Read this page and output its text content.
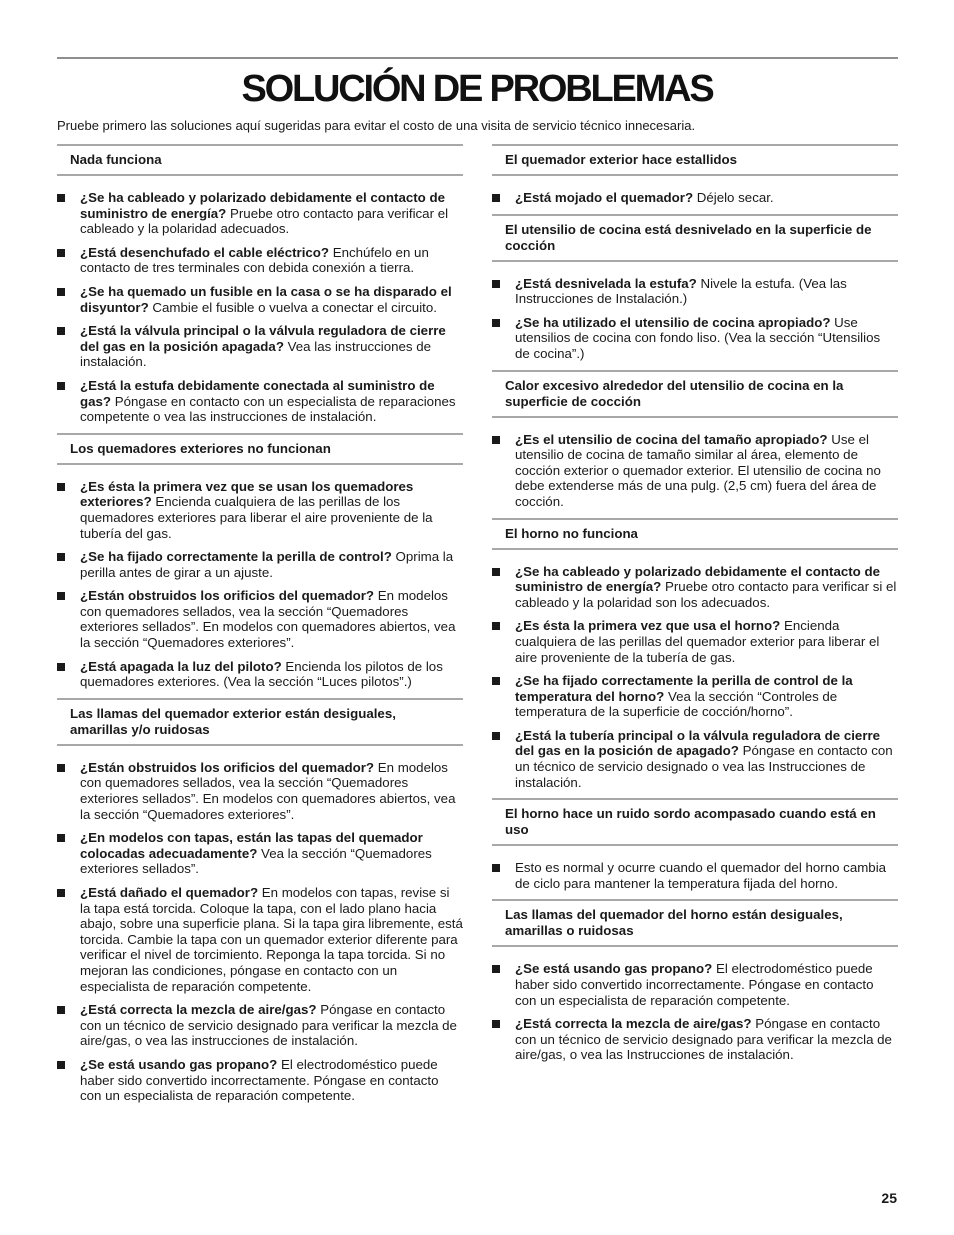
SOLUCIÓN DE PROBLEMAS

Pruebe primero las soluciones aquí sugeridas para evitar el costo de una visita de servicio técnico innecesaria.

Nada funciona
¿Se ha cableado y polarizado debidamente el contacto de suministro de energía? Pruebe otro contacto para verificar el cableado y la polaridad adecuados.
¿Está desenchufado el cable eléctrico? Enchúfelo en un contacto de tres terminales con debida conexión a tierra.
¿Se ha quemado un fusible en la casa o se ha disparado el disyuntor? Cambie el fusible o vuelva a conectar el circuito.
¿Está la válvula principal o la válvula reguladora de cierre del gas en la posición apagada? Vea las instrucciones de instalación.
¿Está la estufa debidamente conectada al suministro de gas? Póngase en contacto con un especialista de reparaciones competente o vea las instrucciones de instalación.
Los quemadores exteriores no funcionan
¿Es ésta la primera vez que se usan los quemadores exteriores? Encienda cualquiera de las perillas de los quemadores exteriores para liberar el aire proveniente de la tubería del gas.
¿Se ha fijado correctamente la perilla de control? Oprima la perilla antes de girar a un ajuste.
¿Están obstruidos los orificios del quemador? En modelos con quemadores sellados, vea la sección “Quemadores exteriores sellados”. En modelos con quemadores abiertos, vea la sección “Quemadores exteriores”.
¿Está apagada la luz del piloto? Encienda los pilotos de los quemadores exteriores. (Vea la sección “Luces pilotos”.)
Las llamas del quemador exterior están desiguales, amarillas y/o ruidosas
¿Están obstruidos los orificios del quemador? En modelos con quemadores sellados, vea la sección “Quemadores exteriores sellados”. En modelos con quemadores abiertos, vea la sección “Quemadores exteriores”.
¿En modelos con tapas, están las tapas del quemador colocadas adecuadamente? Vea la sección “Quemadores exteriores sellados”.
¿Está dañado el quemador? En modelos con tapas, revise si la tapa está torcida. Coloque la tapa, con el lado plano hacia abajo, sobre una superficie plana. Si la tapa gira libremente, está torcida. Cambie la tapa con un quemador exterior diferente para verificar el nivel de torcimiento. Reponga la tapa torcida. Si no mejoran las condiciones, póngase en contacto con un especialista de reparación competente.
¿Está correcta la mezcla de aire/gas? Póngase en contacto con un técnico de servicio designado para verificar la mezcla de aire/gas, o vea las instrucciones de instalación.
¿Se está usando gas propano? El electrodoméstico puede haber sido convertido incorrectamente. Póngase en contacto con un especialista de reparación competente.
El quemador exterior hace estallidos
¿Está mojado el quemador? Déjelo secar.
El utensilio de cocina está desnivelado en la superficie de cocción
¿Está desnivelada la estufa? Nivele la estufa. (Vea las Instrucciones de Instalación.)
¿Se ha utilizado el utensilio de cocina apropiado? Use utensilios de cocina con fondo liso. (Vea la sección “Utensilios de cocina”.)
Calor excesivo alrededor del utensilio de cocina en la superficie de cocción
¿Es el utensilio de cocina del tamaño apropiado? Use el utensilio de cocina de tamaño similar al área, elemento de cocción exterior o quemador exterior. El utensilio de cocina no debe extenderse más de una pulg. (2,5 cm) fuera del área de cocción.
El horno no funciona
¿Se ha cableado y polarizado debidamente el contacto de suministro de energía? Pruebe otro contacto para verificar si el cableado y la polaridad son los adecuados.
¿Es ésta la primera vez que usa el horno? Encienda cualquiera de las perillas del quemador exterior para liberar el aire proveniente de la tubería de gas.
¿Se ha fijado correctamente la perilla de control de la temperatura del horno? Vea la sección “Controles de temperatura de la superficie de cocción/horno”.
¿Está la tubería principal o la válvula reguladora de cierre del gas en la posición de apagado? Póngase en contacto con un técnico de servicio designado o vea las Instrucciones de instalación.
El horno hace un ruido sordo acompasado cuando está en uso
Esto es normal y ocurre cuando el quemador del horno cambia de ciclo para mantener la temperatura fijada del horno.
Las llamas del quemador del horno están desiguales, amarillas o ruidosas
¿Se está usando gas propano? El electrodoméstico puede haber sido convertido incorrectamente. Póngase en contacto con un especialista de reparación competente.
¿Está correcta la mezcla de aire/gas? Póngase en contacto con un técnico de servicio designado para verificar la mezcla de aire/gas, o vea las Instrucciones de instalación.

25
